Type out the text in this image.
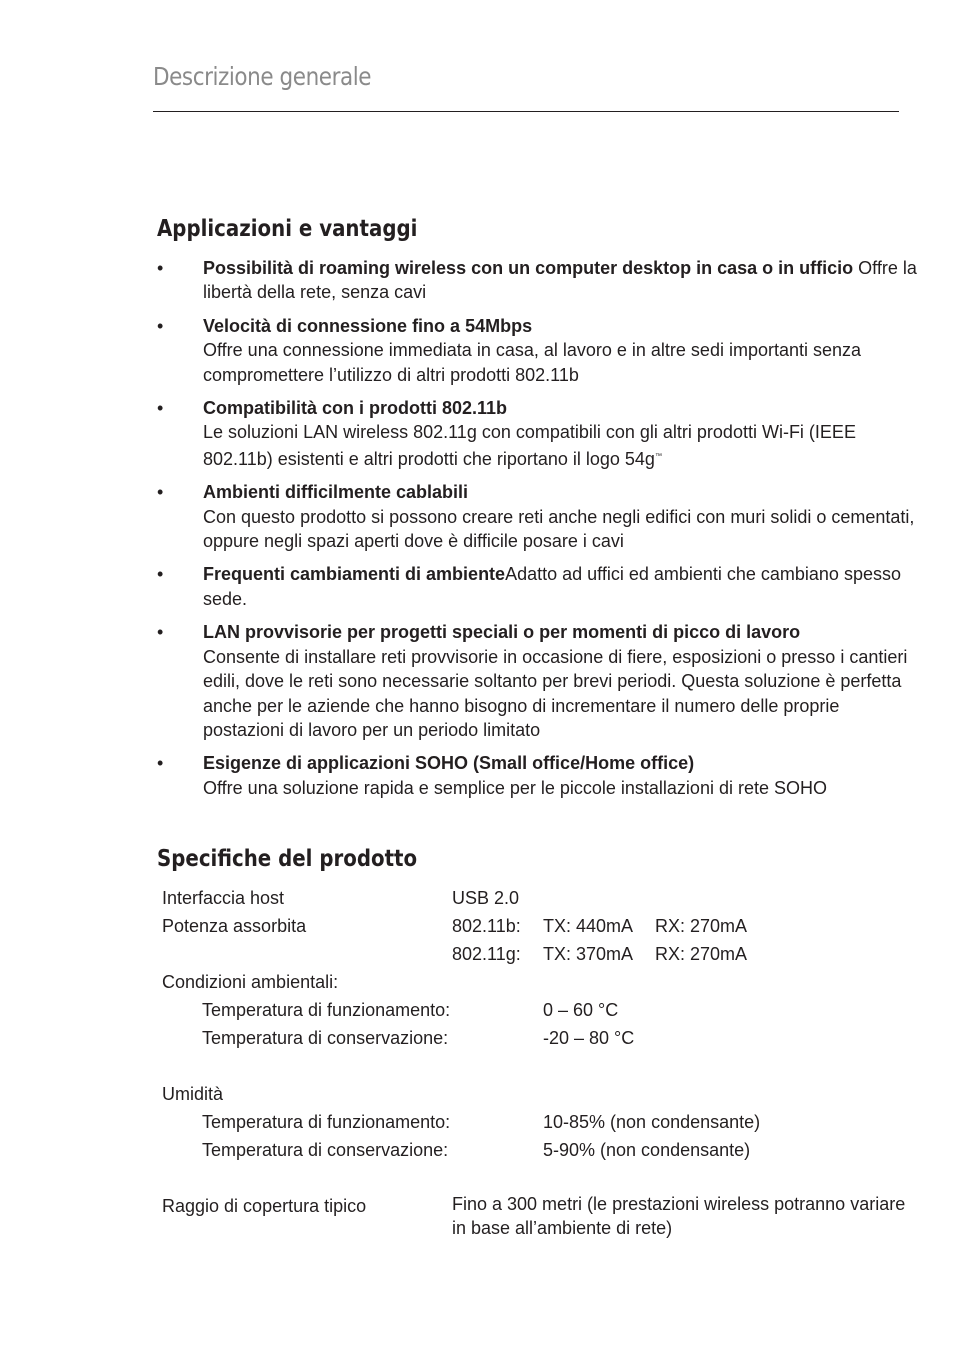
Descrizione generale
Applicazioni e vantaggi
• Possibilità di roaming wireless con un computer desktop in casa o in ufficio Offre la libertà della rete, senza cavi
• Velocità di connessione fino a 54Mbps
Offre una connessione immediata in casa, al lavoro e in altre sedi importanti senza compromettere l’utilizzo di altri prodotti 802.11b
• Compatibilità con i prodotti 802.11b
Le soluzioni LAN wireless 802.11g con compatibili con gli altri prodotti Wi-Fi (IEEE 802.11b) esistenti e altri prodotti che riportano il logo 54g™
• Ambienti difficilmente cablabili
Con questo prodotto si possono creare reti anche negli edifici con muri solidi o cementati, oppure negli spazi aperti dove è difficile posare i cavi
• Frequenti cambiamenti di ambienteAdatto ad uffici ed ambienti che cambiano spesso sede.
• LAN provvisorie per progetti speciali o per momenti di picco di lavoro
Consente di installare reti provvisorie in occasione di fiere, esposizioni o presso i cantieri edili, dove le reti sono necessarie soltanto per brevi periodi. Questa soluzione è perfetta anche per le aziende che hanno bisogno di incrementare il numero delle proprie postazioni di lavoro per un periodo limitato
• Esigenze di applicazioni SOHO (Small office/Home office)
Offre una soluzione rapida e semplice per le piccole installazioni di rete SOHO
Specifiche del prodotto
Interfaccia host	USB 2.0
Potenza assorbita	802.11b: TX: 440mA RX: 270mA
802.11g: TX: 370mA RX: 270mA
Condizioni ambientali:
Temperatura di funzionamento:	0 – 60 °C
Temperatura di conservazione:	-20 – 80 °C
Umidità
Temperatura di funzionamento:	10-85% (non condensante)
Temperatura di conservazione:	5-90% (non condensante)
Raggio di copertura tipico	Fino a 300 metri (le prestazioni wireless potranno variare in base all’ambiente di rete)
